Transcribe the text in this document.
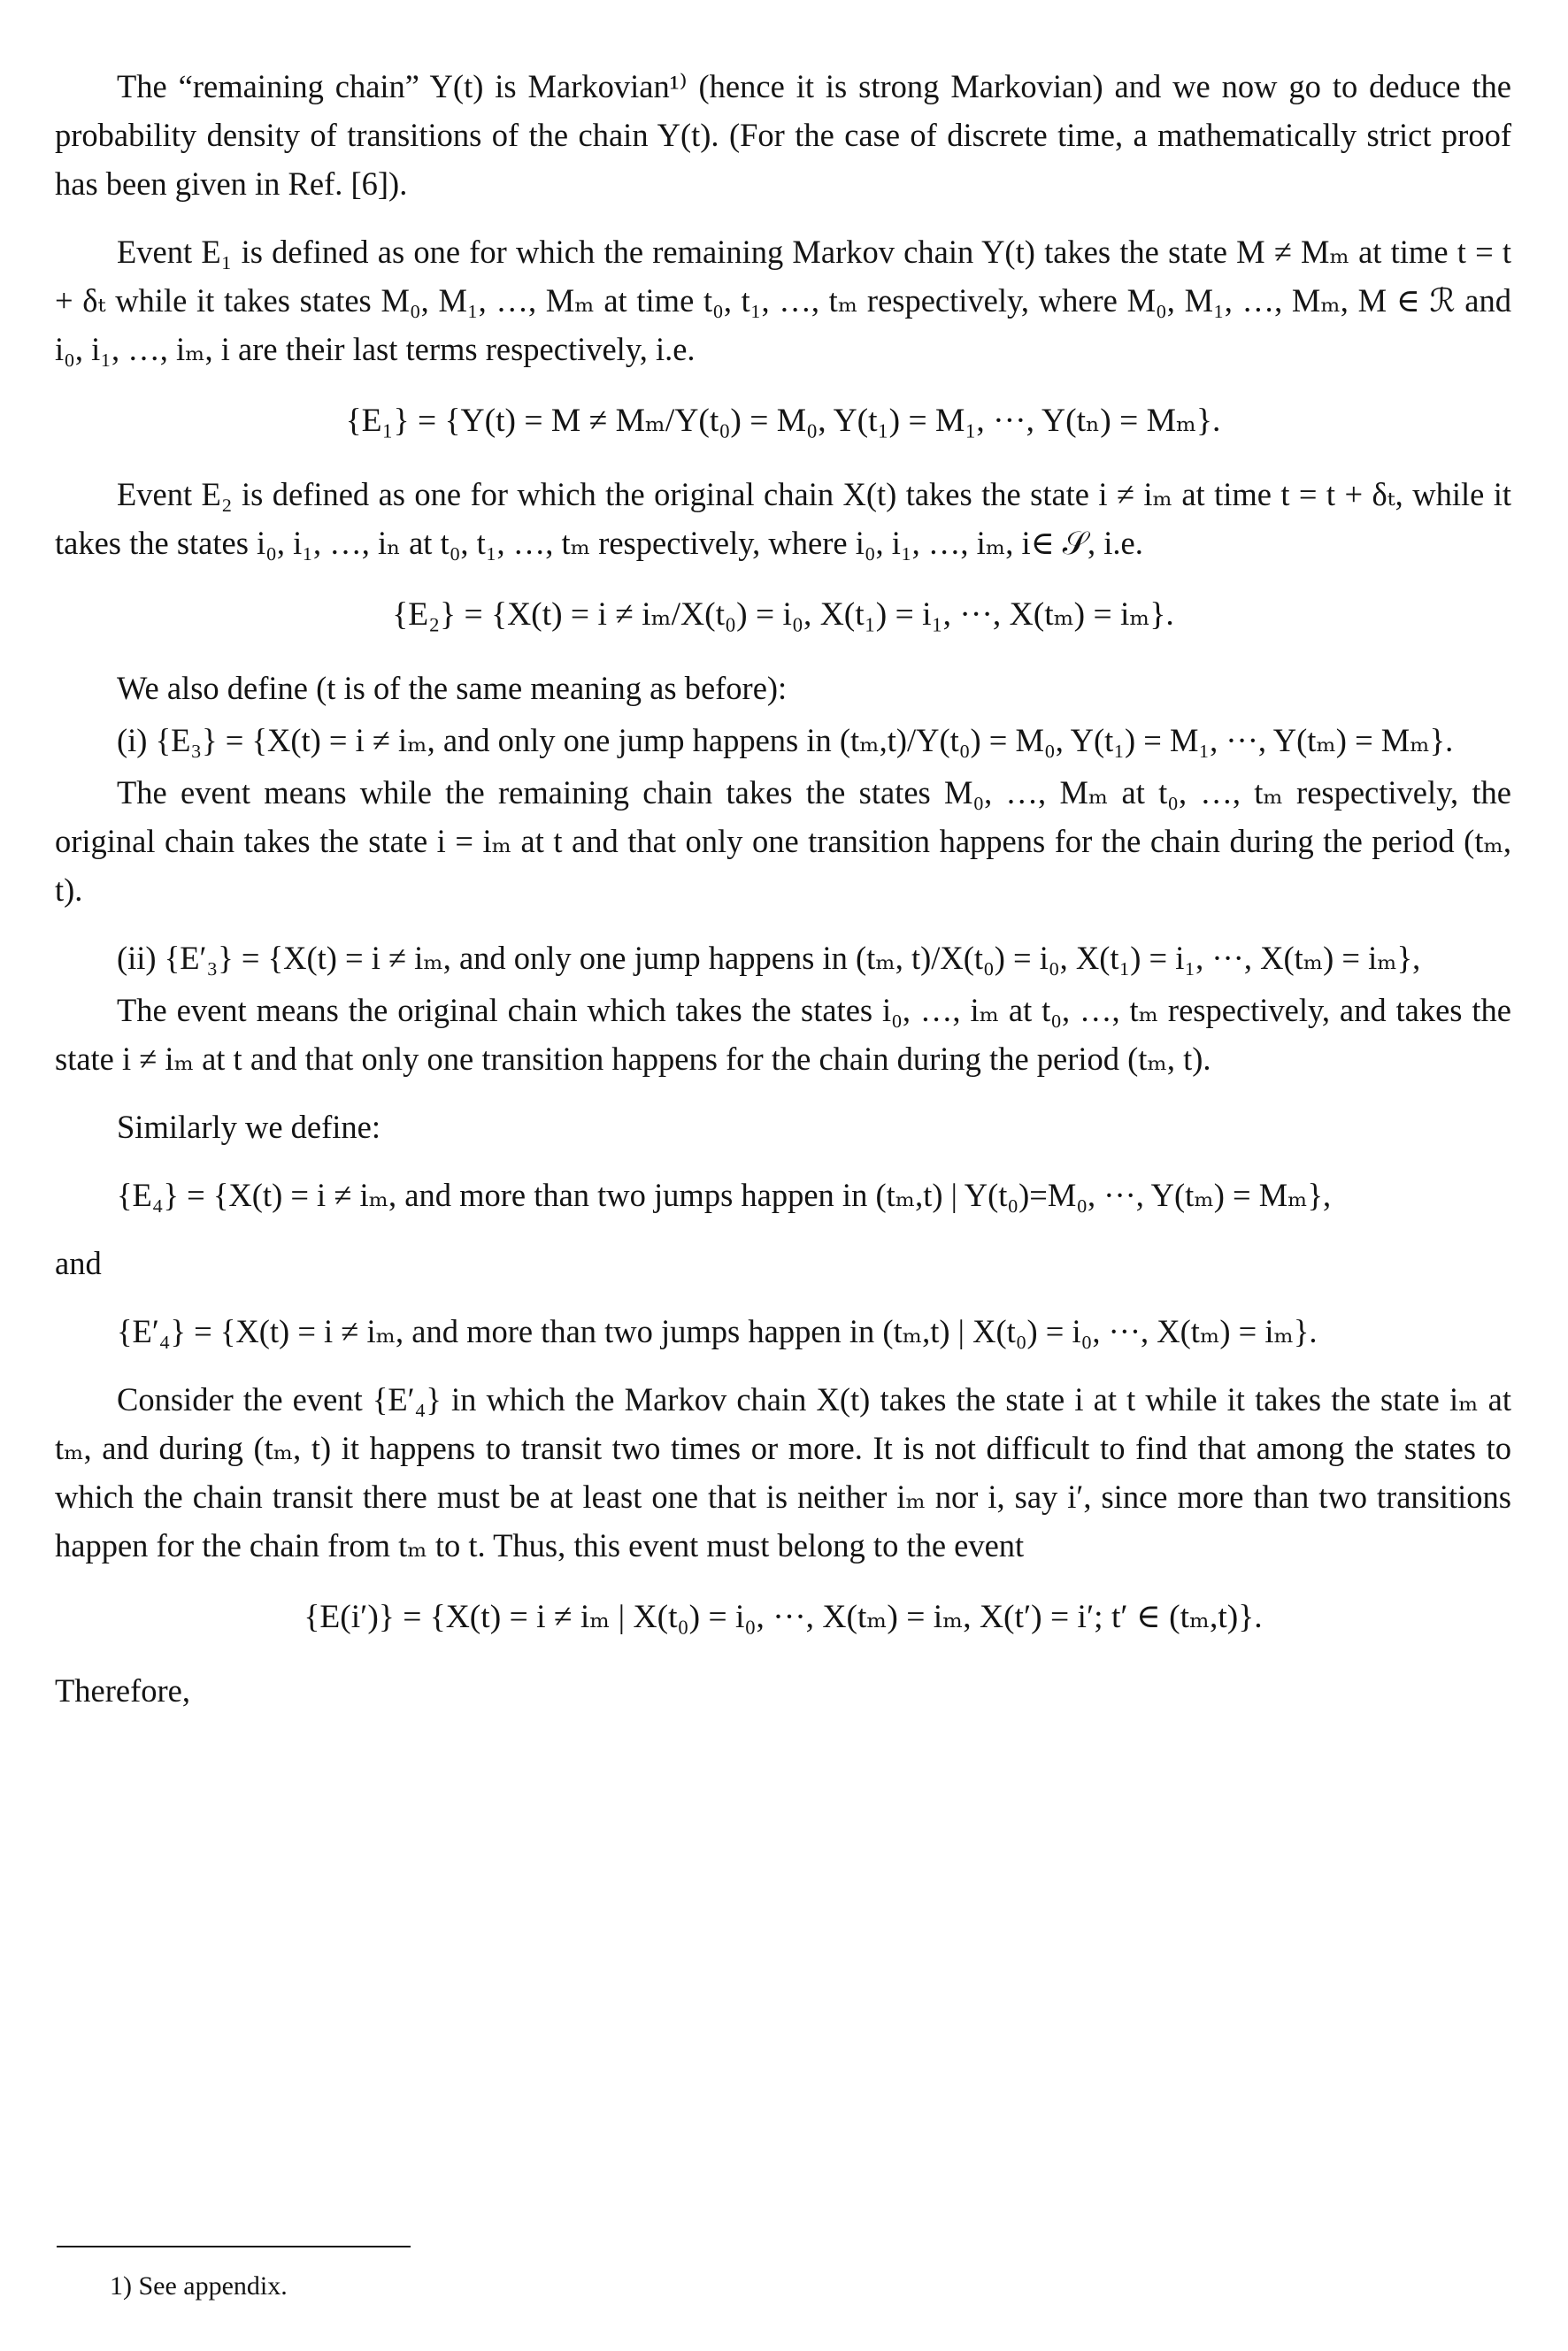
The “remaining chain” Y(t) is Markovian¹⁾ (hence it is strong Markovian) and we now go to deduce the probability density of transitions of the chain Y(t). (For the case of discrete time, a mathematically strict proof has been given in Ref. [6]).

Event E₁ is defined as one for which the remaining Markov chain Y(t) takes the state M ≠ Mₘ at time t = t + δₜ while it takes states M₀, M₁, …, Mₘ at time t₀, t₁, …, tₘ respectively, where M₀, M₁, …, Mₘ, M ∈ ℛ and i₀, i₁, …, iₘ, i are their last terms respectively, i.e.

{E₁} = {Y(t) = M ≠ Mₘ/Y(t₀) = M₀, Y(t₁) = M₁, ···, Y(tₙ) = Mₘ}.

Event E₂ is defined as one for which the original chain X(t) takes the state i ≠ iₘ at time t = t + δₜ, while it takes the states i₀, i₁, …, iₙ at t₀, t₁, …, tₘ respectively, where i₀, i₁, …, iₘ, i∈ 𝒮, i.e.

{E₂} = {X(t) = i ≠ iₘ/X(t₀) = i₀, X(t₁) = i₁, ···, X(tₘ) = iₘ}.

We also define (t is of the same meaning as before):

(i) {E₃} = {X(t) = i ≠ iₘ, and only one jump happens in (tₘ,t)/Y(t₀) = M₀, Y(t₁) = M₁, ···, Y(tₘ) = Mₘ}.

The event means while the remaining chain takes the states M₀, …, Mₘ at t₀, …, tₘ respectively, the original chain takes the state i = iₘ at t and that only one transition happens for the chain during the period (tₘ, t).

(ii) {E′₃} = {X(t) = i ≠ iₘ, and only one jump happens in (tₘ, t)/X(t₀) = i₀, X(t₁) = i₁, ···, X(tₘ) = iₘ},

The event means the original chain which takes the states i₀, …, iₘ at t₀, …, tₘ respectively, and takes the state i ≠ iₘ at t and that only one transition happens for the chain during the period (tₘ, t).

Similarly we define:

{E₄} = {X(t) = i ≠ iₘ, and more than two jumps happen in (tₘ,t) | Y(t₀)=M₀, ···, Y(tₘ) = Mₘ},

and

{E′₄} = {X(t) = i ≠ iₘ, and more than two jumps happen in (tₘ,t) | X(t₀) = i₀, ···, X(tₘ) = iₘ}.

Consider the event {E′₄} in which the Markov chain X(t) takes the state i at t while it takes the state iₘ at tₘ, and during (tₘ, t) it happens to transit two times or more. It is not difficult to find that among the states to which the chain transit there must be at least one that is neither iₘ nor i, say i′, since more than two transitions happen for the chain from tₘ to t. Thus, this event must belong to the event

{E(i′)} = {X(t) = i ≠ iₘ | X(t₀) = i₀, ···, X(tₘ) = iₘ, X(t′) = i′; t′ ∈ (tₘ,t)}.

Therefore,

1) See appendix.
